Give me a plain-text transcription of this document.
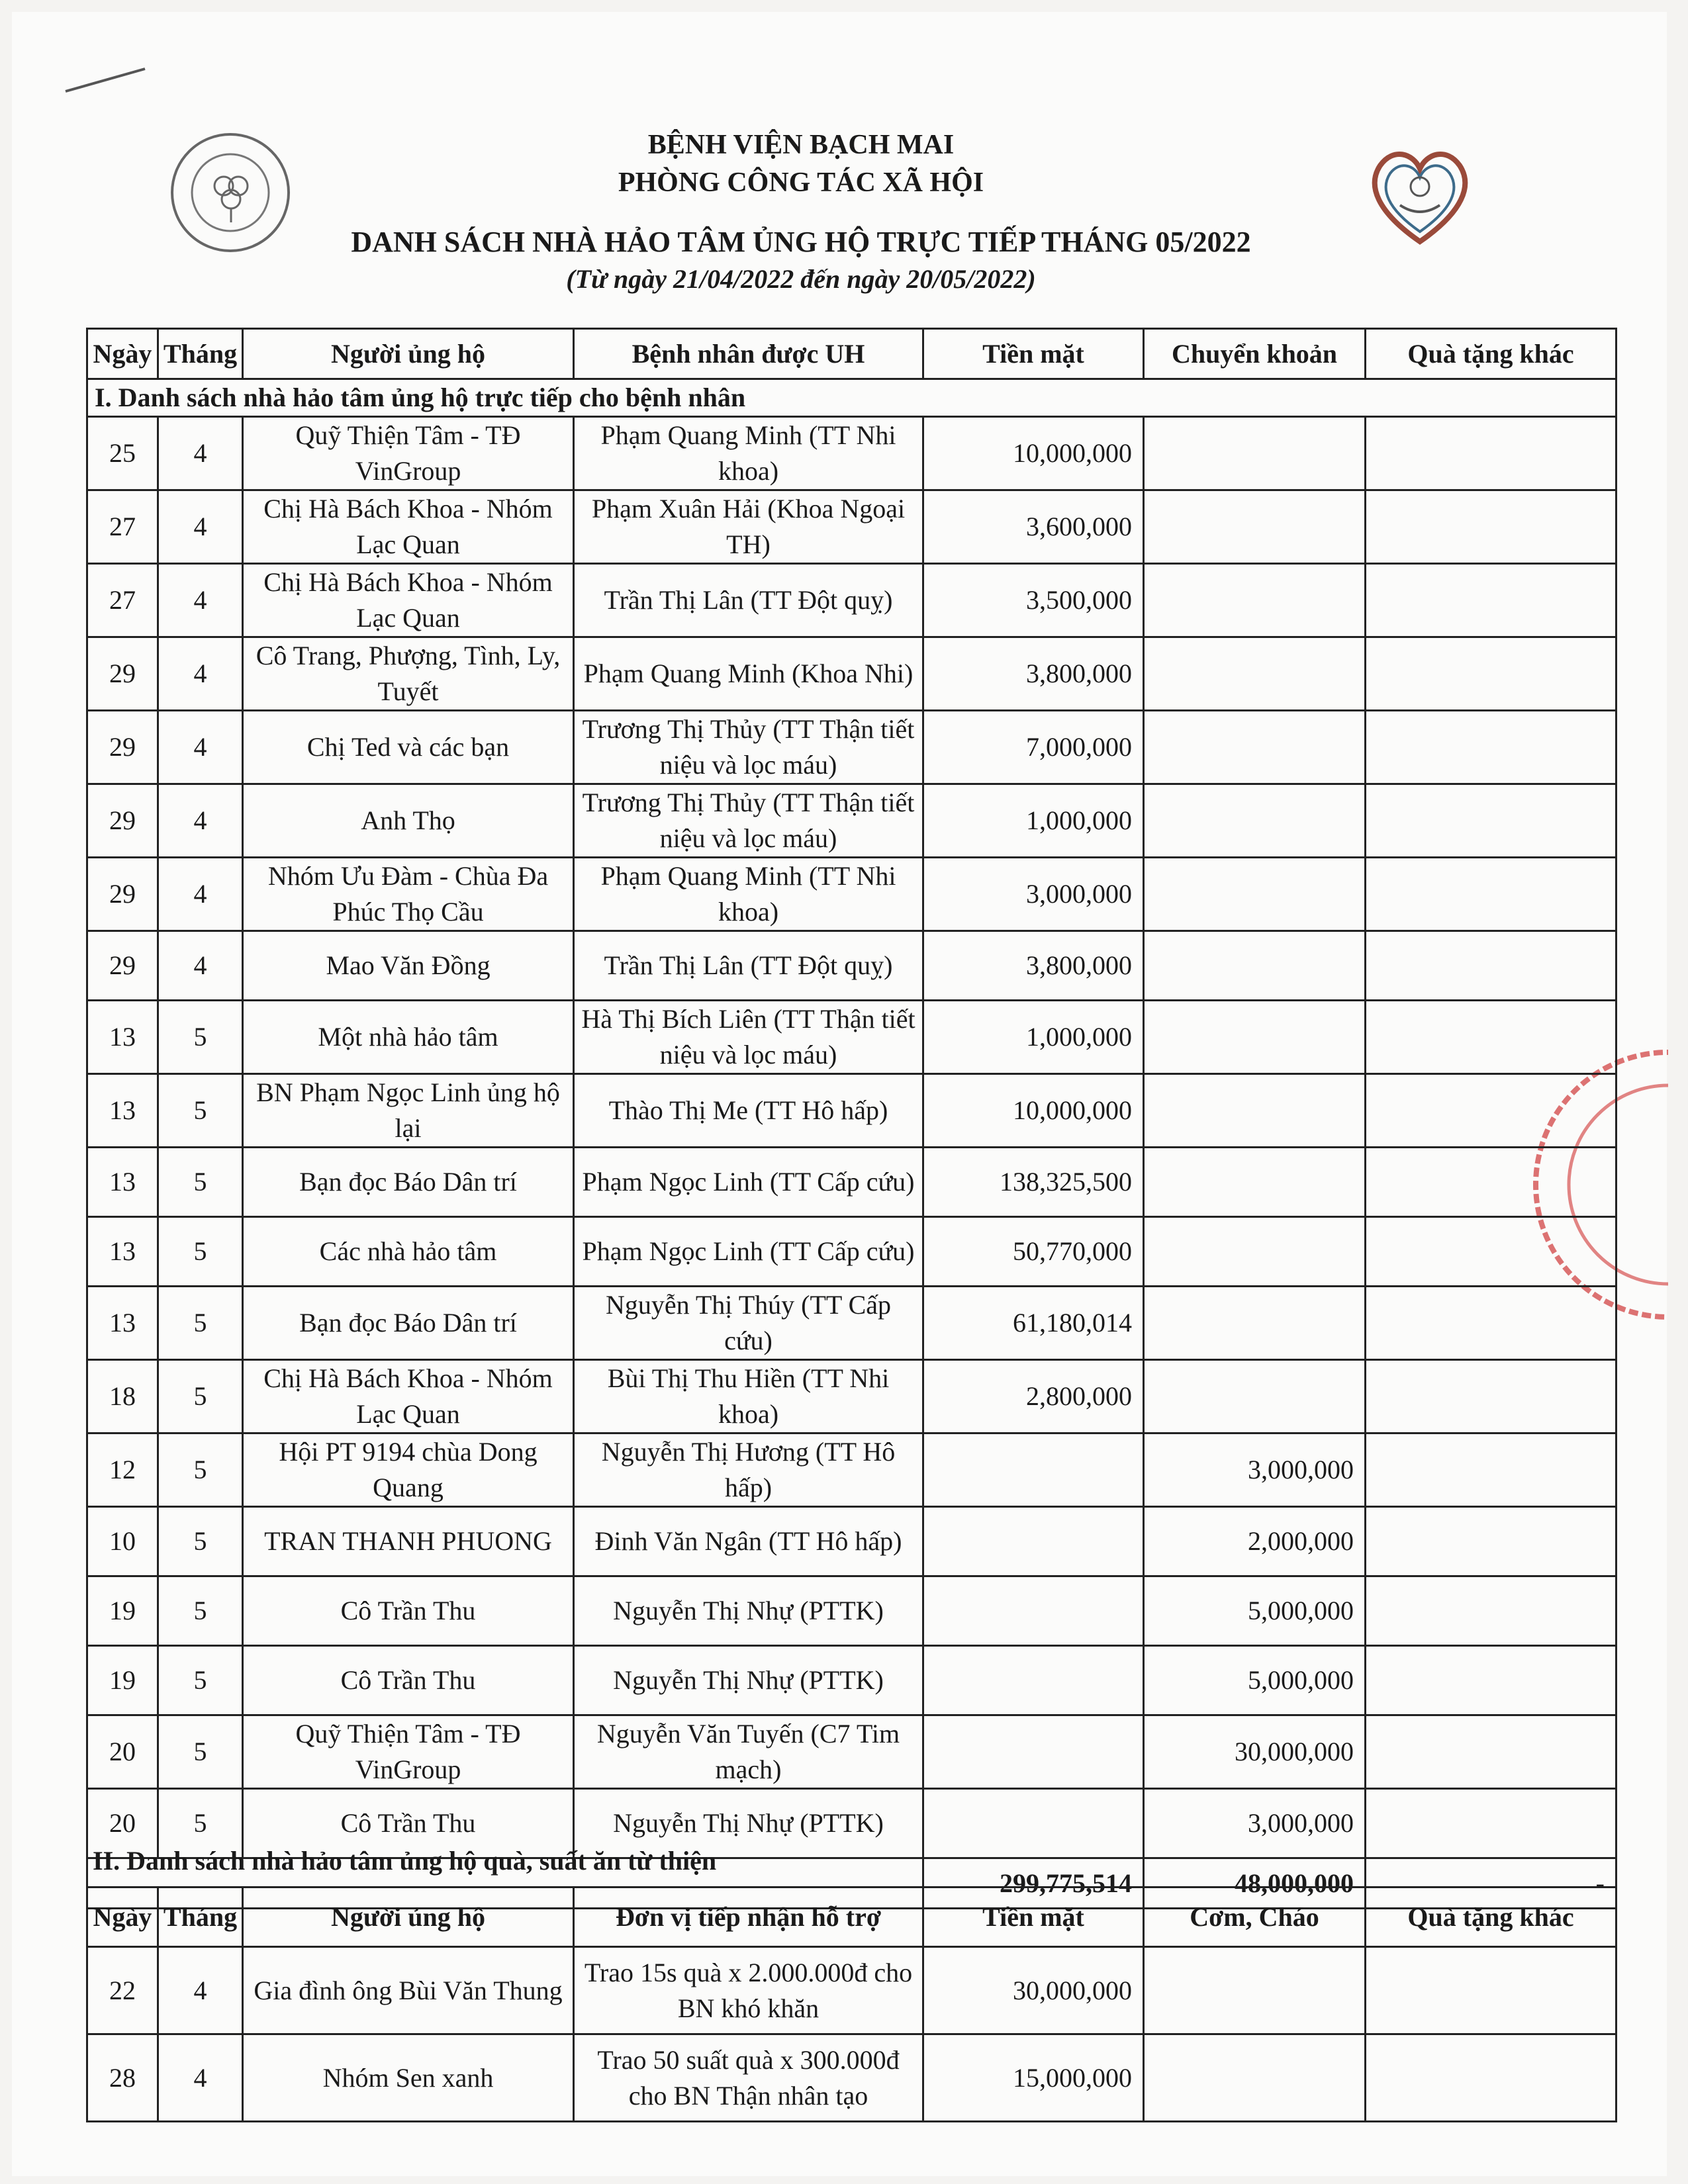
BỆNH VIỆN BẠCH MAI
PHÒNG CÔNG TÁC XÃ HỘI
DANH SÁCH NHÀ HẢO TÂM ỦNG HỘ TRỰC TIẾP THÁNG 05/2022
(Từ ngày 21/04/2022 đến ngày 20/05/2022)
Ngày	Tháng	Người ủng hộ	Bệnh nhân được UH	Tiền mặt	Chuyển khoản	Quà tặng khác
I. Danh sách nhà hảo tâm ủng hộ trực tiếp cho bệnh nhân						
25	4	Quỹ Thiện Tâm - TĐ VinGroup	Phạm Quang Minh (TT Nhi khoa)	10,000,000		
27	4	Chị Hà Bách Khoa - Nhóm Lạc Quan	Phạm Xuân Hải (Khoa Ngoại TH)	3,600,000		
27	4	Chị Hà Bách Khoa - Nhóm Lạc Quan	Trần Thị Lân (TT Đột quỵ)	3,500,000		
29	4	Cô Trang, Phượng, Tình, Ly, Tuyết	Phạm Quang Minh (Khoa Nhi)	3,800,000		
29	4	Chị Ted và các bạn	Trương Thị Thủy (TT Thận tiết niệu và lọc máu)	7,000,000		
29	4	Anh Thọ	Trương Thị Thủy (TT Thận tiết niệu và lọc máu)	1,000,000		
29	4	Nhóm Ưu Đàm - Chùa Đa Phúc Thọ Cầu	Phạm Quang Minh (TT Nhi khoa)	3,000,000		
29	4	Mao Văn Đồng	Trần Thị Lân (TT Đột quỵ)	3,800,000		
13	5	Một nhà hảo tâm	Hà Thị Bích Liên (TT Thận tiết niệu và lọc máu)	1,000,000		
13	5	BN Phạm Ngọc Linh ủng hộ lại	Thào Thị Me (TT Hô hấp)	10,000,000		
13	5	Bạn đọc Báo Dân trí	Phạm Ngọc Linh (TT Cấp cứu)	138,325,500		
13	5	Các nhà hảo tâm	Phạm Ngọc Linh (TT Cấp cứu)	50,770,000		
13	5	Bạn đọc Báo Dân trí	Nguyễn Thị Thúy (TT Cấp cứu)	61,180,014		
18	5	Chị Hà Bách Khoa - Nhóm Lạc Quan	Bùi Thị Thu Hiền (TT Nhi khoa)	2,800,000		
12	5	Hội PT 9194 chùa Dong Quang	Nguyễn Thị Hương (TT Hô hấp)		3,000,000	
10	5	TRAN THANH PHUONG	Đinh Văn Ngân (TT Hô hấp)		2,000,000	
19	5	Cô Trần Thu	Nguyễn Thị Nhự (PTTK)		5,000,000	
19	5	Cô Trần Thu	Nguyễn Thị Nhự (PTTK)		5,000,000	
20	5	Quỹ Thiện Tâm - TĐ VinGroup	Nguyễn Văn Tuyến (C7 Tim mạch)		30,000,000	
20	5	Cô Trần Thu	Nguyễn Thị Nhự (PTTK)		3,000,000	
				299,775,514	48,000,000	-
II. Danh sách nhà hảo tâm ủng hộ quà, suất ăn từ thiện
Ngày	Tháng	Người ủng hộ	Đơn vị tiếp nhận hỗ trợ	Tiền mặt	Cơm, Cháo	Quà tặng khác
22	4	Gia đình ông Bùi Văn Thung	Trao 15s quà x 2.000.000đ cho BN khó khăn	30,000,000		
28	4	Nhóm Sen xanh	Trao 50 suất quà x 300.000đ cho BN Thận nhân tạo	15,000,000		
